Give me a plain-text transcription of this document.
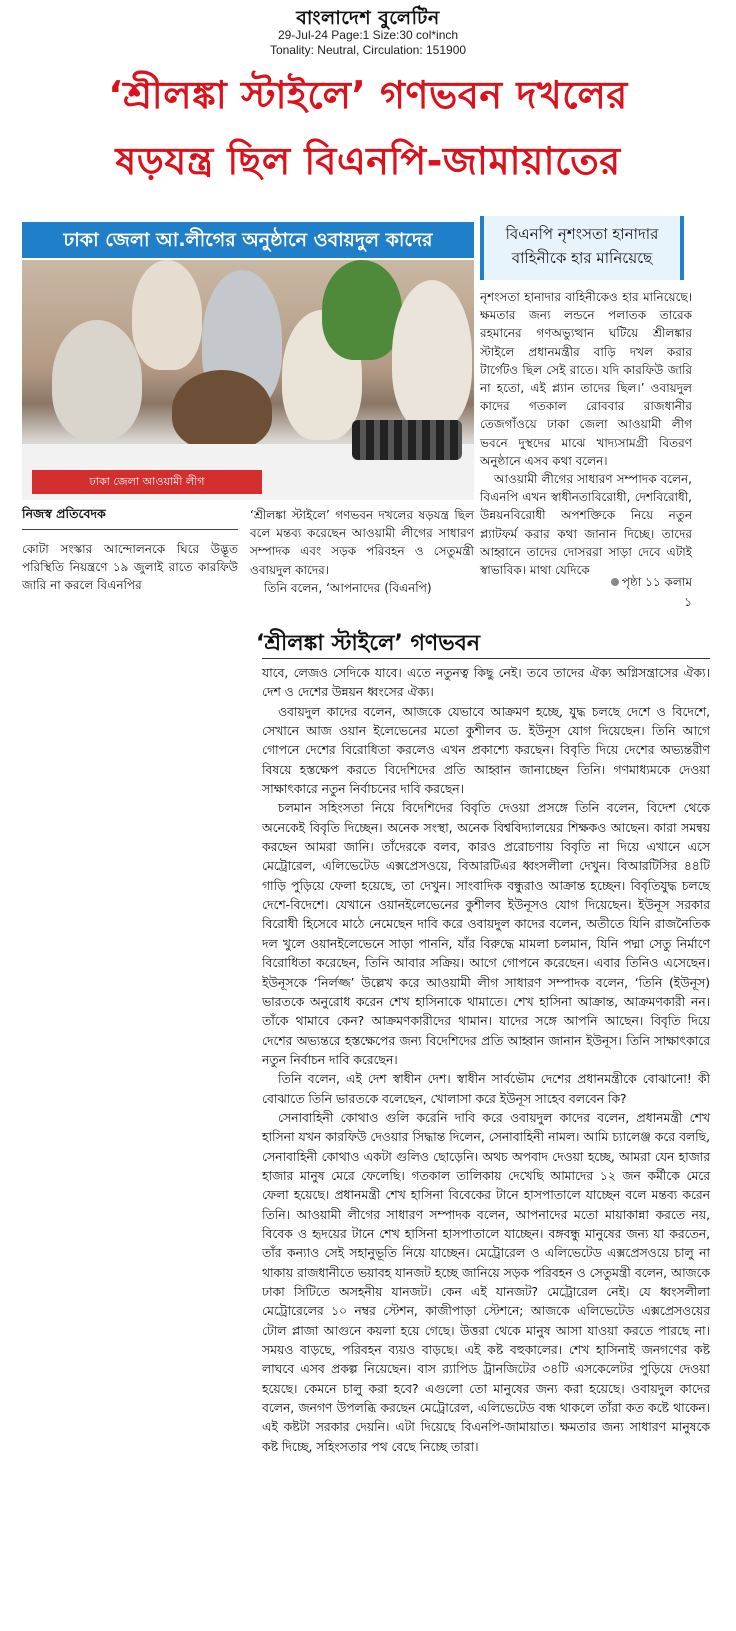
বাংলাদেশ বুলেটিন
29-Jul-24 Page:1 Size:30 col*inch
Tonality: Neutral, Circulation: 151900
‘শ্রীলঙ্কা স্টাইলে’ গণভবন দখলের
ষড়যন্ত্র ছিল বিএনপি-জামায়াতের
ঢাকা জেলা আ.লীগের অনুষ্ঠানে ওবায়দুল কাদের
ঢাকা জেলা আওয়ামী লীগ
বিএনপি নৃশংসতা হানাদার
বাহিনীকে হার মানিয়েছে

নৃশংসতা হানাদার বাহিনীকেও হার মানিয়েছে। ক্ষমতার জন্য লন্ডনে পলাতক তারেক রহমানের গণঅভ্যুত্থান ঘটিয়ে শ্রীলঙ্কার স্টাইলে প্রধানমন্ত্রীর বাড়ি দখল করার টার্গেটও ছিল সেই রাতে। যদি কারফিউ জারি না হতো, এই প্ল্যান তাদের ছিল।’ ওবায়দুল কাদের গতকাল রোববার রাজধানীর তেজগাঁওয়ে ঢাকা জেলা আওয়ামী লীগ ভবনে দুস্থদের মাঝে খাদ্যসামগ্রী বিতরণ অনুষ্ঠানে এসব কথা বলেন।

আওয়ামী লীগের সাধারণ সম্পাদক বলেন, বিএনপি এখন স্বাধীনতাবিরোধী, দেশবিরোধী, উন্নয়নবিরোধী অপশক্তিকে নিয়ে নতুন প্ল্যাটফর্ম করার কথা জানান দিচ্ছে। তাদের আহ্বানে তাদের দোসররা সাড়া দেবে এটাই স্বাভাবিক। মাথা যেদিকে

পৃষ্ঠা ১১ কলাম ১
নিজস্ব প্রতিবেদক

কোটা সংস্কার আন্দোলনকে ঘিরে উদ্ভূত পরিস্থিতি নিয়ন্ত্রণে ১৯ জুলাই রাতে কারফিউ জারি না করলে বিএনপির

‘শ্রীলঙ্কা স্টাইলে’ গণভবন দখলের ষড়যন্ত্র ছিল বলে মন্তব্য করেছেন আওয়ামী লীগের সাধারণ সম্পাদক এবং সড়ক পরিবহন ও সেতুমন্ত্রী ওবায়দুল কাদের।

তিনি বলেন, ‘আপনাদের (বিএনপি)

‘শ্রীলঙ্কা স্টাইলে’ গণভবন

যাবে, লেজও সেদিকে যাবে। এতে নতুনত্ব কিছু নেই। তবে তাদের ঐক্য অগ্নিসন্ত্রাসের ঐক্য। দেশ ও দেশের উন্নয়ন ধ্বংসের ঐক্য।

ওবায়দুল কাদের বলেন, আজকে যেভাবে আক্রমণ হচ্ছে, যুদ্ধ চলছে দেশে ও বিদেশে, সেখানে আজ ওয়ান ইলেভেনের মতো কুশীলব ড. ইউনূস যোগ দিয়েছেন। তিনি আগে গোপনে দেশের বিরোধিতা করলেও এখন প্রকাশ্যে করছেন। বিবৃতি দিয়ে দেশের অভ্যন্তরীণ বিষয়ে হস্তক্ষেপ করতে বিদেশিদের প্রতি আহ্বান জানাচ্ছেন তিনি। গণমাধ্যমকে দেওয়া সাক্ষাৎকারে নতুন নির্বাচনের দাবি করছেন।

চলমান সহিংসতা নিয়ে বিদেশিদের বিবৃতি দেওয়া প্রসঙ্গে তিনি বলেন, বিদেশ থেকে অনেকেই বিবৃতি দিচ্ছেন। অনেক সংস্থা, অনেক বিশ্ববিদ্যালয়ের শিক্ষকও আছেন। কারা সমন্বয় করছেন আমরা জানি। তাঁদেরকে বলব, কারও প্ররোচণায় বিবৃতি না দিয়ে এখানে এসে মেট্রোরেল, এলিভেটেড এক্সপ্রেসওয়ে, বিআরটিএর ধ্বংসলীলা দেখুন। বিআরটিসির ৪৪টি গাড়ি পুড়িয়ে ফেলা হয়েছে, তা দেখুন। সাংবাদিক বন্ধুরাও আক্রান্ত হচ্ছেন। বিবৃতিযুদ্ধ চলছে দেশে-বিদেশে। যেখানে ওয়ানইলেভেনের কুশীলব ইউনূসও যোগ দিয়েছেন। ইউনূস সরকার বিরোধী হিসেবে মাঠে নেমেছেন দাবি করে ওবায়দুল কাদের বলেন, অতীতে যিনি রাজনৈতিক দল খুলে ওয়ানইলেভেনে সাড়া পাননি, যাঁর বিরুদ্ধে মামলা চলমান, যিনি পদ্মা সেতু নির্মাণে বিরোধিতা করেছেন, তিনি আবার সক্রিয়। আগে গোপনে করেছেন। এবার তিনিও এসেছেন। ইউনূসকে ‘নির্লজ্জ’ উল্লেখ করে আওয়ামী লীগ সাধারণ সম্পাদক বলেন, ‘তিনি (ইউনূস) ভারতকে অনুরোধ করেন শেখ হাসিনাকে থামাতে। শেখ হাসিনা আক্রান্ত, আক্রমণকারী নন। তাঁকে থামাবে কেন? আক্রমণকারীদের থামান। যাদের সঙ্গে আপনি আছেন। বিবৃতি দিয়ে দেশের অভ্যন্তরে হস্তক্ষেপের জন্য বিদেশিদের প্রতি আহ্বান জানান ইউনূস। তিনি সাক্ষাৎকারে নতুন নির্বাচন দাবি করেছেন।

তিনি বলেন, এই দেশ স্বাধীন দেশ। স্বাধীন সার্বভৌম দেশের প্রধানমন্ত্রীকে বোঝানো! কী বোঝাতে তিনি ভারতকে বলেছেন, খোলাসা করে ইউনূস সাহেব বলবেন কি?

সেনাবাহিনী কোথাও গুলি করেনি দাবি করে ওবায়দুল কাদের বলেন, প্রধানমন্ত্রী শেখ হাসিনা যখন কারফিউ দেওয়ার সিদ্ধান্ত দিলেন, সেনাবাহিনী নামল। আমি চ্যালেঞ্জ করে বলছি, সেনাবাহিনী কোথাও একটা গুলিও ছোড়েনি। অথচ অপবাদ দেওয়া হচ্ছে, আমরা যেন হাজার হাজার মানুষ মেরে ফেলেছি। গতকাল তালিকায় দেখেছি আমাদের ১২ জন কর্মীকে মেরে ফেলা হয়েছে। প্রধানমন্ত্রী শেখ হাসিনা বিবেকের টানে হাসপাতালে যাচ্ছেন বলে মন্তব্য করেন তিনি। আওয়ামী লীগের সাধারণ সম্পাদক বলেন, আপনাদের মতো মায়াকান্না করতে নয়, বিবেক ও হৃদয়ের টানে শেখ হাসিনা হাসপাতালে যাচ্ছেন। বঙ্গবন্ধু মানুষের জন্য যা করতেন, তাঁর কন্যাও সেই সহানুভূতি নিয়ে যাচ্ছেন। মেট্রোরেল ও এলিভেটেড এক্সপ্রেসওয়ে চালু না থাকায় রাজধানীতে ভয়াবহ যানজট হচ্ছে জানিয়ে সড়ক পরিবহন ও সেতুমন্ত্রী বলেন, আজকে ঢাকা সিটিতে অসহনীয় যানজট। কেন এই যানজট? মেট্রোরেল নেই। যে ধ্বংসলীলা মেট্রোরেলের ১০ নম্বর স্টেশন, কাজীপাড়া স্টেশনে; আজকে এলিভেটেড এক্সপ্রেসওয়ের টোল প্লাজা আগুনে কয়লা হয়ে গেছে। উত্তরা থেকে মানুষ আসা যাওয়া করতে পারছে না। সময়ও বাড়ছে, পরিবহন ব্যয়ও বাড়ছে। এই কষ্ট বহুকালের। শেখ হাসিনাই জনগণের কষ্ট লাঘবে এসব প্রকল্প নিয়েছেন। বাস র‌্যাপিড ট্রানজিটের ৩৪টি এসকেলেটর পুড়িয়ে দেওয়া হয়েছে। কেমনে চালু করা হবে? এগুলো তো মানুষের জন্য করা হয়েছে। ওবায়দুল কাদের বলেন, জনগণ উপলব্ধি করছেন মেট্রোরেল, এলিভেটেড বন্ধ থাকলে তাঁরা কত কষ্টে থাকেন। এই কষ্টটা সরকার দেয়নি। এটা দিয়েছে বিএনপি-জামায়াত। ক্ষমতার জন্য সাধারণ মানুষকে কষ্ট দিচ্ছে, সহিংসতার পথ বেছে নিচ্ছে তারা।
